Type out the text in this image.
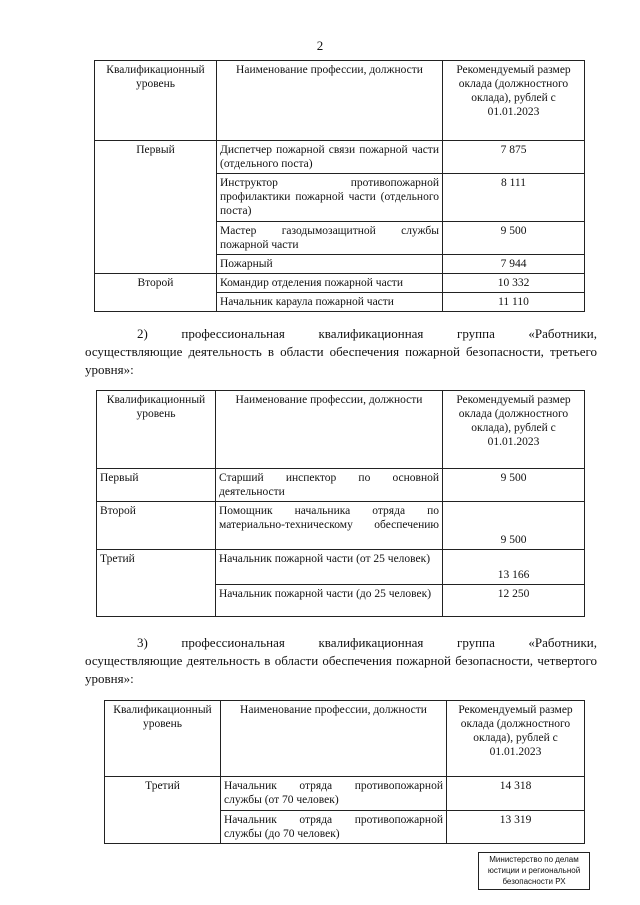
2
Квалификационный уровень	Наименование профессии, должности	Рекомендуемый размер оклада (должностного оклада), рублей с 01.01.2023
Первый	Диспетчер пожарной связи пожарной части (отдельного поста)	7 875
	Инструктор противопожарной профилактики пожарной части (отдельного поста)	8 111
	Мастер газодымозащитной службы пожарной части	9 500
	Пожарный	7 944
Второй	Командир отделения пожарной части	10 332
	Начальник караула пожарной части	11 110
2) профессиональная квалификационная группа «Работники,
осуществляющие деятельность в области обеспечения пожарной безопасности, третьего уровня»:
Квалификационный уровень	Наименование профессии, должности	Рекомендуемый размер оклада (должностного оклада), рублей с 01.01.2023
Первый	Старший инспектор по основной деятельности	9 500
Второй	Помощник начальника отряда по материально-техническому обеспечению	9 500
Третий	Начальник пожарной части (от 25 человек)	13 166
	Начальник пожарной части (до 25 человек)	12 250
3) профессиональная квалификационная группа «Работники,
осуществляющие деятельность в области обеспечения пожарной безопасности, четвертого уровня»:
Квалификационный уровень	Наименование профессии, должности	Рекомендуемый размер оклада (должностного оклада), рублей с 01.01.2023
Третий	Начальник отряда противопожарной службы (от 70 человек)	14 318
	Начальник отряда противопожарной службы (до 70 человек)	13 319
Министерство по делам
юстиции и региональной
безопасности РХ
